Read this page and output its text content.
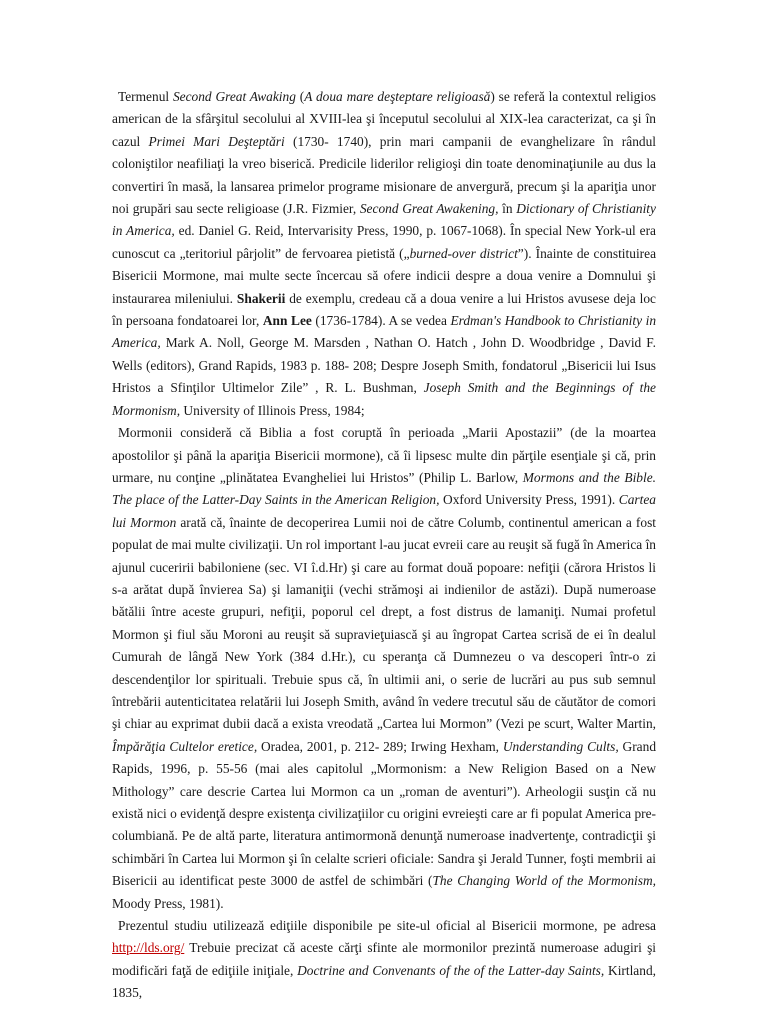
Termenul Second Great Awaking (A doua mare deşteptare religioasă) se referă la contextul religios american de la sfârşitul secolului al XVIII-lea şi începutul secolului al XIX-lea caracterizat, ca şi în cazul Primei Mari Deşteptări (1730- 1740), prin mari campanii de evanghelizare în rândul coloniştilor neafiliaţi la vreo biserică. Predicile liderilor religioşi din toate denominaţiunile au dus la convertiri în masă, la lansarea primelor programe misionare de anvergură, precum şi la apariţia unor noi grupări sau secte religioase (J.R. Fizmier, Second Great Awakening, în Dictionary of Christianity in America, ed. Daniel G. Reid, Intervarisity Press, 1990, p. 1067-1068). În special New York-ul era cunoscut ca „teritoriul pârjolit” de fervoarea pietistă („burned-over district”). Înainte de constituirea Bisericii Mormone, mai multe secte încercau să ofere indicii despre a doua venire a Domnului şi instaurarea mileniului. Shakerii de exemplu, credeau că a doua venire a lui Hristos avusese deja loc în persoana fondatoarei lor, Ann Lee (1736-1784). A se vedea Erdman's Handbook to Christianity in America, Mark A. Noll, George M. Marsden , Nathan O. Hatch , John D. Woodbridge , David F. Wells (editors), Grand Rapids, 1983 p. 188- 208; Despre Joseph Smith, fondatorul „Bisericii lui Isus Hristos a Sfinţilor Ultimelor Zile” , R. L. Bushman, Joseph Smith and the Beginnings of the Mormonism, University of Illinois Press, 1984;

Mormonii consideră că Biblia a fost coruptă în perioada „Marii Apostazii” (de la moartea apostolilor şi până la apariţia Bisericii mormone), că îi lipsesc multe din părţile esenţiale şi că, prin urmare, nu conţine „plinătatea Evangheliei lui Hristos” (Philip L. Barlow, Mormons and the Bible. The place of the Latter-Day Saints in the American Religion, Oxford University Press, 1991). Cartea lui Mormon arată că, înainte de decoperirea Lumii noi de către Columb, continentul american a fost populat de mai multe civilizaţii. Un rol important l-au jucat evreii care au reuşit să fugă în America în ajunul cuceririi babiloniene (sec. VI î.d.Hr) şi care au format două popoare: nefiţii (cărora Hristos li s-a arătat după învierea Sa) şi lamaniţii (vechi strămoşi ai indienilor de astăzi). După numeroase bătălii între aceste grupuri, nefiţii, poporul cel drept, a fost distrus de lamaniţi. Numai profetul Mormon şi fiul său Moroni au reuşit să supravieţuiască şi au îngropat Cartea scrisă de ei în dealul Cumurah de lângă New York (384 d.Hr.), cu speranţa că Dumnezeu o va descoperi într-o zi descendenţilor lor spirituali. Trebuie spus că, în ultimii ani, o serie de lucrări au pus sub semnul întrebării autenticitatea relatării lui Joseph Smith, având în vedere trecutul său de căutător de comori şi chiar au exprimat dubii dacă a exista vreodată „Cartea lui Mormon” (Vezi pe scurt, Walter Martin, Împărăţia Cultelor eretice, Oradea, 2001, p. 212- 289; Irwing Hexham, Understanding Cults, Grand Rapids, 1996, p. 55-56 (mai ales capitolul „Mormonism: a New Religion Based on a New Mithology” care descrie Cartea lui Mormon ca un „roman de aventuri”). Arheologii susţin că nu există nici o evidenţă despre existenţa civilizaţiilor cu origini evreieşti care ar fi populat America pre-columbiană. Pe de altă parte, literatura antimormonă denunţă numeroase inadvertenţe, contradicţii şi schimbări în Cartea lui Mormon şi în celalte scrieri oficiale: Sandra şi Jerald Tunner, foşti membrii ai Bisericii au identificat peste 3000 de astfel de schimbări (The Changing World of the Mormonism, Moody Press, 1981).

Prezentul studiu utilizează ediţiile disponibile pe site-ul oficial al Bisericii mormone, pe adresa http://lds.org/ Trebuie precizat că aceste cărţi sfinte ale mormonilor prezintă numeroase adugiri şi modificări faţă de ediţiile iniţiale, Doctrine and Convenants of the of the Latter-day Saints, Kirtland, 1835,
